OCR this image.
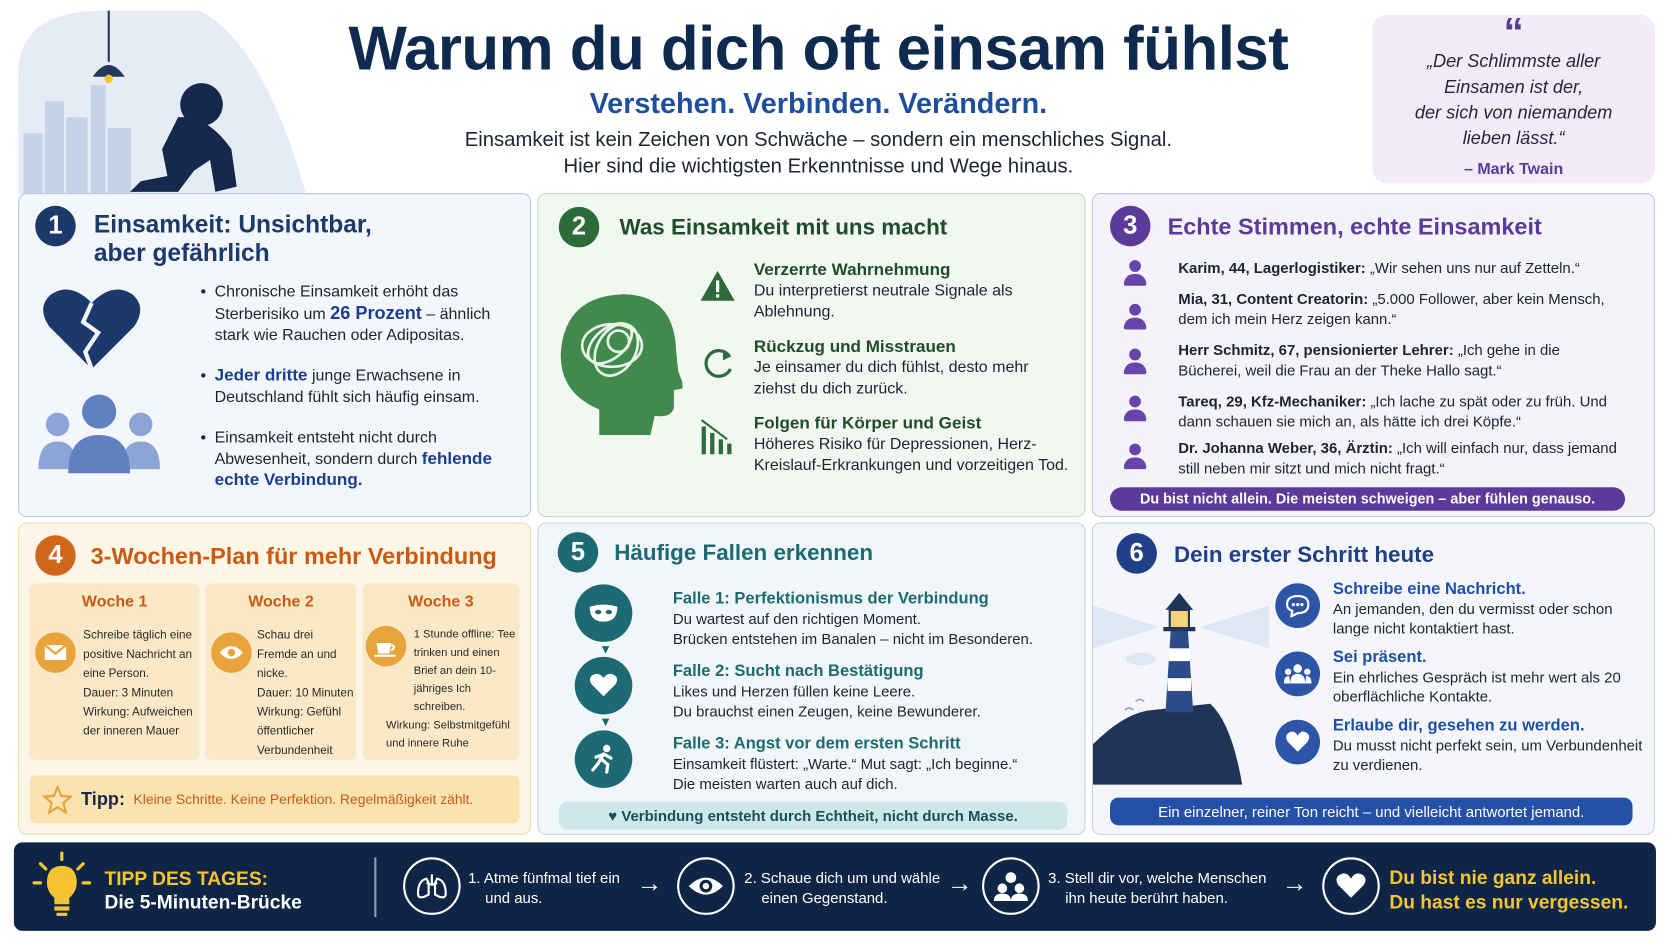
Warum du dich oft einsam fühlst
Verstehen. Verbinden. Verändern.
Einsamkeit ist kein Zeichen von Schwäche – sondern ein menschliches Signal.
Hier sind die wichtigsten Erkenntnisse und Wege hinaus.
“
„Der Schlimmste aller
Einsamen ist der,
der sich von niemandem
lieben lässt.“
– Mark Twain
1	Einsamkeit: Unsichtbar,
aber gefährlich
• Chronische Einsamkeit erhöht das Sterberisiko um 26 Prozent – ähnlich stark wie Rauchen oder Adipositas.
• Jeder dritte junge Erwachsene in Deutschland fühlt sich häufig einsam.
• Einsamkeit entsteht nicht durch Abwesenheit, sondern durch fehlende echte Verbindung.
2	Was Einsamkeit mit uns macht
Verzerrte Wahrnehmung
Du interpretierst neutrale Signale als Ablehnung.
Rückzug und Misstrauen
Je einsamer du dich fühlst, desto mehr ziehst du dich zurück.
Folgen für Körper und Geist
Höheres Risiko für Depressionen, Herz-Kreislauf-Erkrankungen und vorzeitigen Tod.
3	Echte Stimmen, echte Einsamkeit
Karim, 44, Lagerlogistiker: „Wir sehen uns nur auf Zetteln.“
Mia, 31, Content Creatorin: „5.000 Follower, aber kein Mensch, dem ich mein Herz zeigen kann.“
Herr Schmitz, 67, pensionierter Lehrer: „Ich gehe in die Bücherei, weil die Frau an der Theke Hallo sagt.“
Tareq, 29, Kfz-Mechaniker: „Ich lache zu spät oder zu früh. Und dann schauen sie mich an, als hätte ich drei Köpfe.“
Dr. Johanna Weber, 36, Ärztin: „Ich will einfach nur, dass jemand still neben mir sitzt und mich nicht fragt.“
Du bist nicht allein. Die meisten schweigen – aber fühlen genauso.
4	3-Wochen-Plan für mehr Verbindung
Woche 1
Schreibe täglich eine positive Nachricht an eine Person.
Dauer: 3 Minuten
Wirkung: Aufweichen der inneren Mauer
Woche 2
Schau drei Fremde an und nicke.
Dauer: 10 Minuten
Wirkung: Gefühl öffentlicher Verbundenheit
Woche 3
1 Stunde offline: Tee trinken und einen Brief an dein 10-jähriges Ich schreiben.
Wirkung: Selbstmitgefühl und innere Ruhe
Tipp: Kleine Schritte. Keine Perfektion. Regelmäßigkeit zählt.
5	Häufige Fallen erkennen
▼
▼
Falle 1: Perfektionismus der Verbindung
Du wartest auf den richtigen Moment.
Brücken entstehen im Banalen – nicht im Besonderen.
Falle 2: Sucht nach Bestätigung
Likes und Herzen füllen keine Leere.
Du brauchst einen Zeugen, keine Bewunderer.
Falle 3: Angst vor dem ersten Schritt
Einsamkeit flüstert: „Warte.“ Mut sagt: „Ich beginne.“
Die meisten warten auch auf dich.
♥ Verbindung entsteht durch Echtheit, nicht durch Masse.
6	Dein erster Schritt heute
Schreibe eine Nachricht.
An jemanden, den du vermisst oder schon lange nicht kontaktiert hast.
Sei präsent.
Ein ehrliches Gespräch ist mehr wert als 20 oberflächliche Kontakte.
Erlaube dir, gesehen zu werden.
Du musst nicht perfekt sein, um Verbundenheit zu verdienen.
Ein einzelner, reiner Ton reicht – und vielleicht antwortet jemand.
TIPP DES TAGES:
Die 5-Minuten-Brücke
1. Atme fünfmal tief ein
und aus.	→	2. Schaue dich um und wähle
einen Gegenstand.	→	3. Stell dir vor, welche Menschen
ihn heute berührt haben.	→	Du bist nie ganz allein.
Du hast es nur vergessen.
